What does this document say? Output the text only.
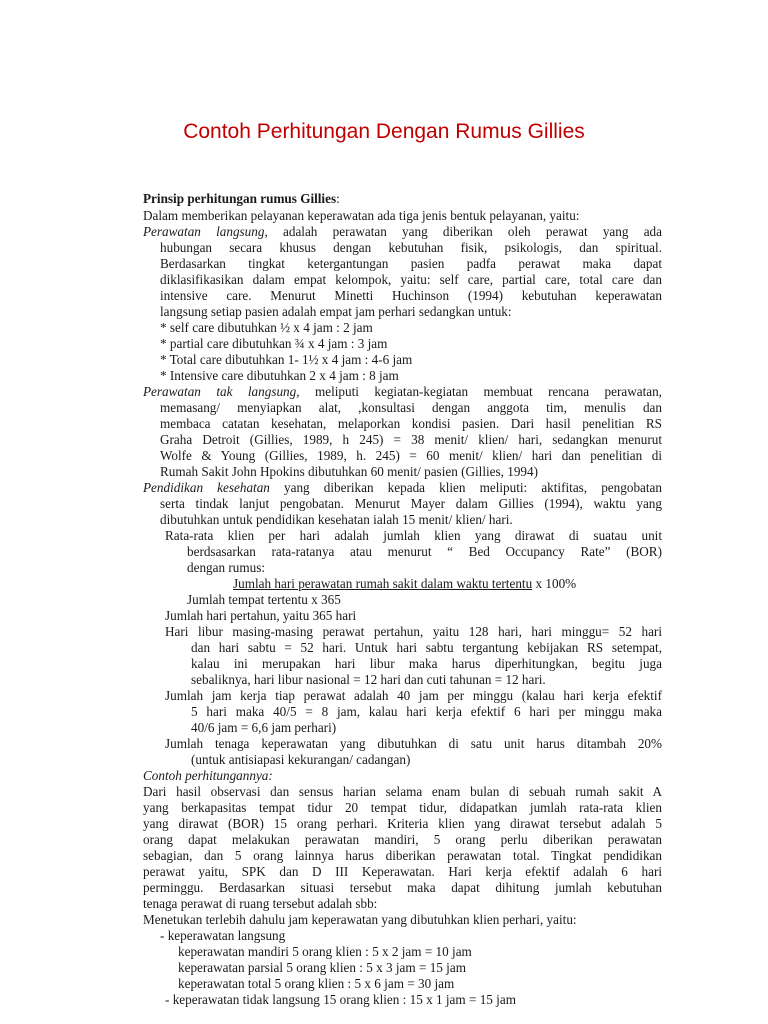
Contoh Perhitungan Dengan Rumus Gillies
Prinsip perhitungan rumus Gillies:
Dalam memberikan pelayanan keperawatan ada tiga jenis bentuk pelayanan, yaitu:
Perawatan langsung, adalah perawatan yang diberikan oleh perawat yang ada
hubungan secara khusus dengan kebutuhan fisik, psikologis, dan spiritual.
Berdasarkan tingkat ketergantungan pasien padfa perawat maka dapat
diklasifikasikan dalam empat kelompok, yaitu: self care, partial care, total care dan
intensive care. Menurut Minetti Huchinson (1994) kebutuhan keperawatan
langsung setiap pasien adalah empat jam perhari sedangkan untuk:
* self care dibutuhkan ½ x 4 jam : 2 jam
* partial care dibutuhkan ¾ x 4 jam : 3 jam
* Total care dibutuhkan 1- 1½ x 4 jam : 4-6 jam
* Intensive care dibutuhkan 2 x 4 jam : 8 jam
Perawatan tak langsung, meliputi kegiatan-kegiatan membuat rencana perawatan,
memasang/ menyiapkan alat, ,konsultasi dengan anggota tim, menulis dan
membaca catatan kesehatan, melaporkan kondisi pasien. Dari hasil penelitian RS
Graha Detroit (Gillies, 1989, h 245) = 38 menit/ klien/ hari, sedangkan menurut
Wolfe & Young (Gillies, 1989, h. 245) = 60 menit/ klien/ hari dan penelitian di
Rumah Sakit John Hpokins dibutuhkan 60 menit/ pasien (Gillies, 1994)
Pendidikan kesehatan yang diberikan kepada klien meliputi: aktifitas, pengobatan
serta tindak lanjut pengobatan. Menurut Mayer dalam Gillies (1994), waktu yang
dibutuhkan untuk pendidikan kesehatan ialah 15 menit/ klien/ hari.
Rata-rata klien per hari adalah jumlah klien yang dirawat di suatau unit
berdsasarkan rata-ratanya atau menurut “ Bed Occupancy Rate” (BOR)
dengan rumus:
Jumlah hari perawatan rumah sakit dalam waktu tertentu x 100%
Jumlah tempat tertentu x 365
Jumlah hari pertahun, yaitu 365 hari
Hari libur masing-masing perawat pertahun, yaitu 128 hari, hari minggu= 52 hari
dan hari sabtu = 52 hari. Untuk hari sabtu tergantung kebijakan RS setempat,
kalau ini merupakan hari libur maka harus diperhitungkan, begitu juga
sebaliknya, hari libur nasional = 12 hari dan cuti tahunan = 12 hari.
Jumlah jam kerja tiap perawat adalah 40 jam per minggu (kalau hari kerja efektif
5 hari maka 40/5 = 8 jam, kalau hari kerja efektif 6 hari per minggu maka
40/6 jam = 6,6 jam perhari)
Jumlah tenaga keperawatan yang dibutuhkan di satu unit harus ditambah 20%
(untuk antisiapasi kekurangan/ cadangan)
Contoh perhitungannya:
Dari hasil observasi dan sensus harian selama enam bulan di sebuah rumah sakit A
yang berkapasitas tempat tidur 20 tempat tidur, didapatkan jumlah rata-rata klien
yang dirawat (BOR) 15 orang perhari. Kriteria klien yang dirawat tersebut adalah 5
orang dapat melakukan perawatan mandiri, 5 orang perlu diberikan perawatan
sebagian, dan 5 orang lainnya harus diberikan perawatan total. Tingkat pendidikan
perawat yaitu, SPK dan D III Keperawatan. Hari kerja efektif adalah 6 hari
perminggu. Berdasarkan situasi tersebut maka dapat dihitung jumlah kebutuhan
tenaga perawat di ruang tersebut adalah sbb:
Menetukan terlebih dahulu jam keperawatan yang dibutuhkan klien perhari, yaitu:
- keperawatan langsung
keperawatan mandiri 5 orang klien : 5 x 2 jam = 10 jam
keperawatan parsial 5 orang klien : 5 x 3 jam = 15 jam
keperawatan total 5 orang klien : 5 x 6 jam = 30 jam
- keperawatan tidak langsung 15 orang klien : 15 x 1 jam = 15 jam
